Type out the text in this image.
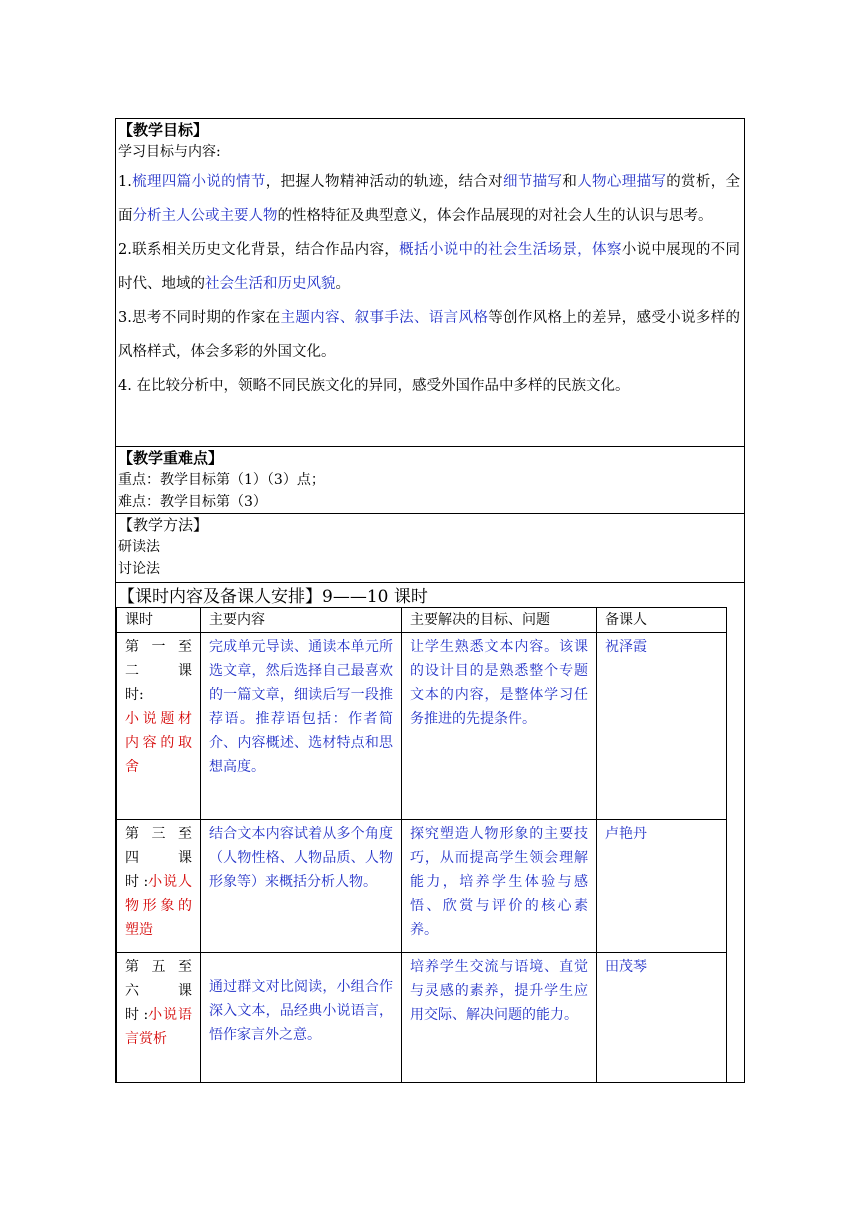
【教学目标】
学习目标与内容:
1.梳理四篇小说的情节，把握人物精神活动的轨迹，结合对细节描写和人物心理描写的赏析，全面分析主人公或主要人物的性格特征及典型意义，体会作品展现的对社会人生的认识与思考。
2.联系相关历史文化背景，结合作品内容，概括小说中的社会生活场景，体察小说中展现的不同时代、地域的社会生活和历史风貌。
3.思考不同时期的作家在主题内容、叙事手法、语言风格等创作风格上的差异，感受小说多样的风格样式，体会多彩的外国文化。
4. 在比较分析中，领略不同民族文化的异同，感受外国作品中多样的民族文化。
【教学重难点】
重点：教学目标第（1）（3）点；
难点：教学目标第（3）
【教学方法】
研读法
讨论法
【课时内容及备课人安排】9——10 课时
课时	主要内容	主要解决的目标、问题	备课人

第 一 至
二 课
时:
小说题材内容的取舍	完成单元导读、通读本单元所选文章，然后选择自己最喜欢的一篇文章，细读后写一段推荐语。推荐语包括：作者简介、内容概述、选材特点和思想高度。	让学生熟悉文本内容。该课的设计目的是熟悉整个专题文本的内容，是整体学习任务推进的先提条件。	祝泽霞

第 三 至
四 课
时 : 小说人物形象的塑造	结合文本内容试着从多个角度（人物性格、人物品质、人物形象等）来概括分析人物。	探究塑造人物形象的主要技巧，从而提高学生领会理解能力，培养学生体验与感悟、欣赏与评价的核心素养。	卢艳丹

第 五 至
六 课
时 : 小说语言赏析	通过群文对比阅读，小组合作深入文本，品经典小说语言，悟作家言外之意。	培养学生交流与语境、直觉与灵感的素养，提升学生应用交际、解决问题的能力。	田茂琴
